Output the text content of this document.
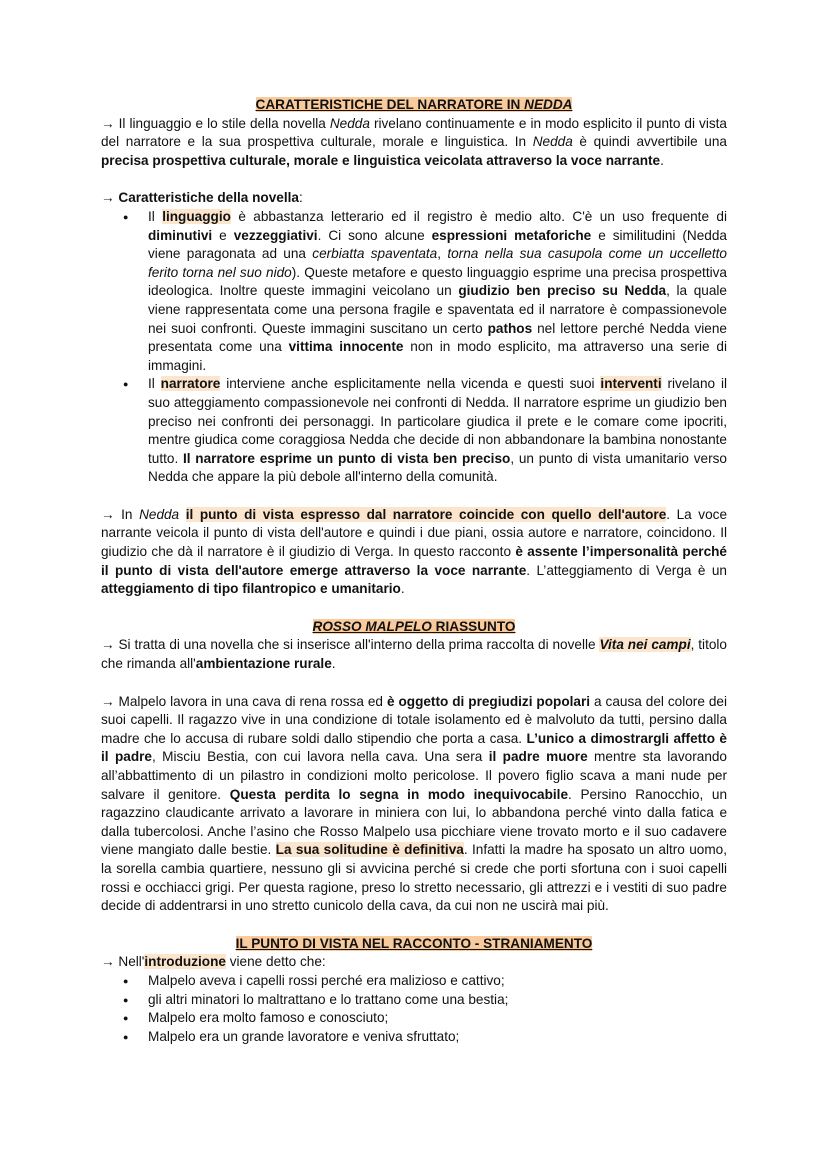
CARATTERISTICHE DEL NARRATORE IN NEDDA

→ Il linguaggio e lo stile della novella Nedda rivelano continuamente e in modo esplicito il punto di vista del narratore e la sua prospettiva culturale, morale e linguistica. In Nedda è quindi avvertibile una precisa prospettiva culturale, morale e linguistica veicolata attraverso la voce narrante.

→ Caratteristiche della novella:

● Il linguaggio è abbastanza letterario ed il registro è medio alto. C'è un uso frequente di diminutivi e vezzeggiativi. Ci sono alcune espressioni metaforiche e similitudini (Nedda viene paragonata ad una cerbiatta spaventata, torna nella sua casupola come un uccelletto ferito torna nel suo nido). Queste metafore e questo linguaggio esprime una precisa prospettiva ideologica. Inoltre queste immagini veicolano un giudizio ben preciso su Nedda, la quale viene rappresentata come una persona fragile e spaventata ed il narratore è compassionevole nei suoi confronti. Queste immagini suscitano un certo pathos nel lettore perché Nedda viene presentata come una vittima innocente non in modo esplicito, ma attraverso una serie di immagini.
● Il narratore interviene anche esplicitamente nella vicenda e questi suoi interventi rivelano il suo atteggiamento compassionevole nei confronti di Nedda. Il narratore esprime un giudizio ben preciso nei confronti dei personaggi. In particolare giudica il prete e le comare come ipocriti, mentre giudica come coraggiosa Nedda che decide di non abbandonare la bambina nonostante tutto. Il narratore esprime un punto di vista ben preciso, un punto di vista umanitario verso Nedda che appare la più debole all'interno della comunità.

→ In Nedda il punto di vista espresso dal narratore coincide con quello dell'autore. La voce narrante veicola il punto di vista dell'autore e quindi i due piani, ossia autore e narratore, coincidono. Il giudizio che dà il narratore è il giudizio di Verga. In questo racconto è assente l’impersonalità perché il punto di vista dell'autore emerge attraverso la voce narrante. L’atteggiamento di Verga è un atteggiamento di tipo filantropico e umanitario.

ROSSO MALPELO RIASSUNTO

→ Si tratta di una novella che si inserisce all'interno della prima raccolta di novelle Vita nei campi, titolo che rimanda all'ambientazione rurale.

→ Malpelo lavora in una cava di rena rossa ed è oggetto di pregiudizi popolari a causa del colore dei suoi capelli. Il ragazzo vive in una condizione di totale isolamento ed è malvoluto da tutti, persino dalla madre che lo accusa di rubare soldi dallo stipendio che porta a casa. L’unico a dimostrargli affetto è il padre, Misciu Bestia, con cui lavora nella cava. Una sera il padre muore mentre sta lavorando all’abbattimento di un pilastro in condizioni molto pericolose. Il povero figlio scava a mani nude per salvare il genitore. Questa perdita lo segna in modo inequivocabile. Persino Ranocchio, un ragazzino claudicante arrivato a lavorare in miniera con lui, lo abbandona perché vinto dalla fatica e dalla tubercolosi. Anche l’asino che Rosso Malpelo usa picchiare viene trovato morto e il suo cadavere viene mangiato dalle bestie. La sua solitudine è definitiva. Infatti la madre ha sposato un altro uomo, la sorella cambia quartiere, nessuno gli si avvicina perché si crede che porti sfortuna con i suoi capelli rossi e occhiacci grigi. Per questa ragione, preso lo stretto necessario, gli attrezzi e i vestiti di suo padre decide di addentrarsi in uno stretto cunicolo della cava, da cui non ne uscirà mai più.

IL PUNTO DI VISTA NEL RACCONTO - STRANIAMENTO

→ Nell'introduzione viene detto che:

● Malpelo aveva i capelli rossi perché era malizioso e cattivo;
● gli altri minatori lo maltrattano e lo trattano come una bestia;
● Malpelo era molto famoso e conosciuto;
● Malpelo era un grande lavoratore e veniva sfruttato;
